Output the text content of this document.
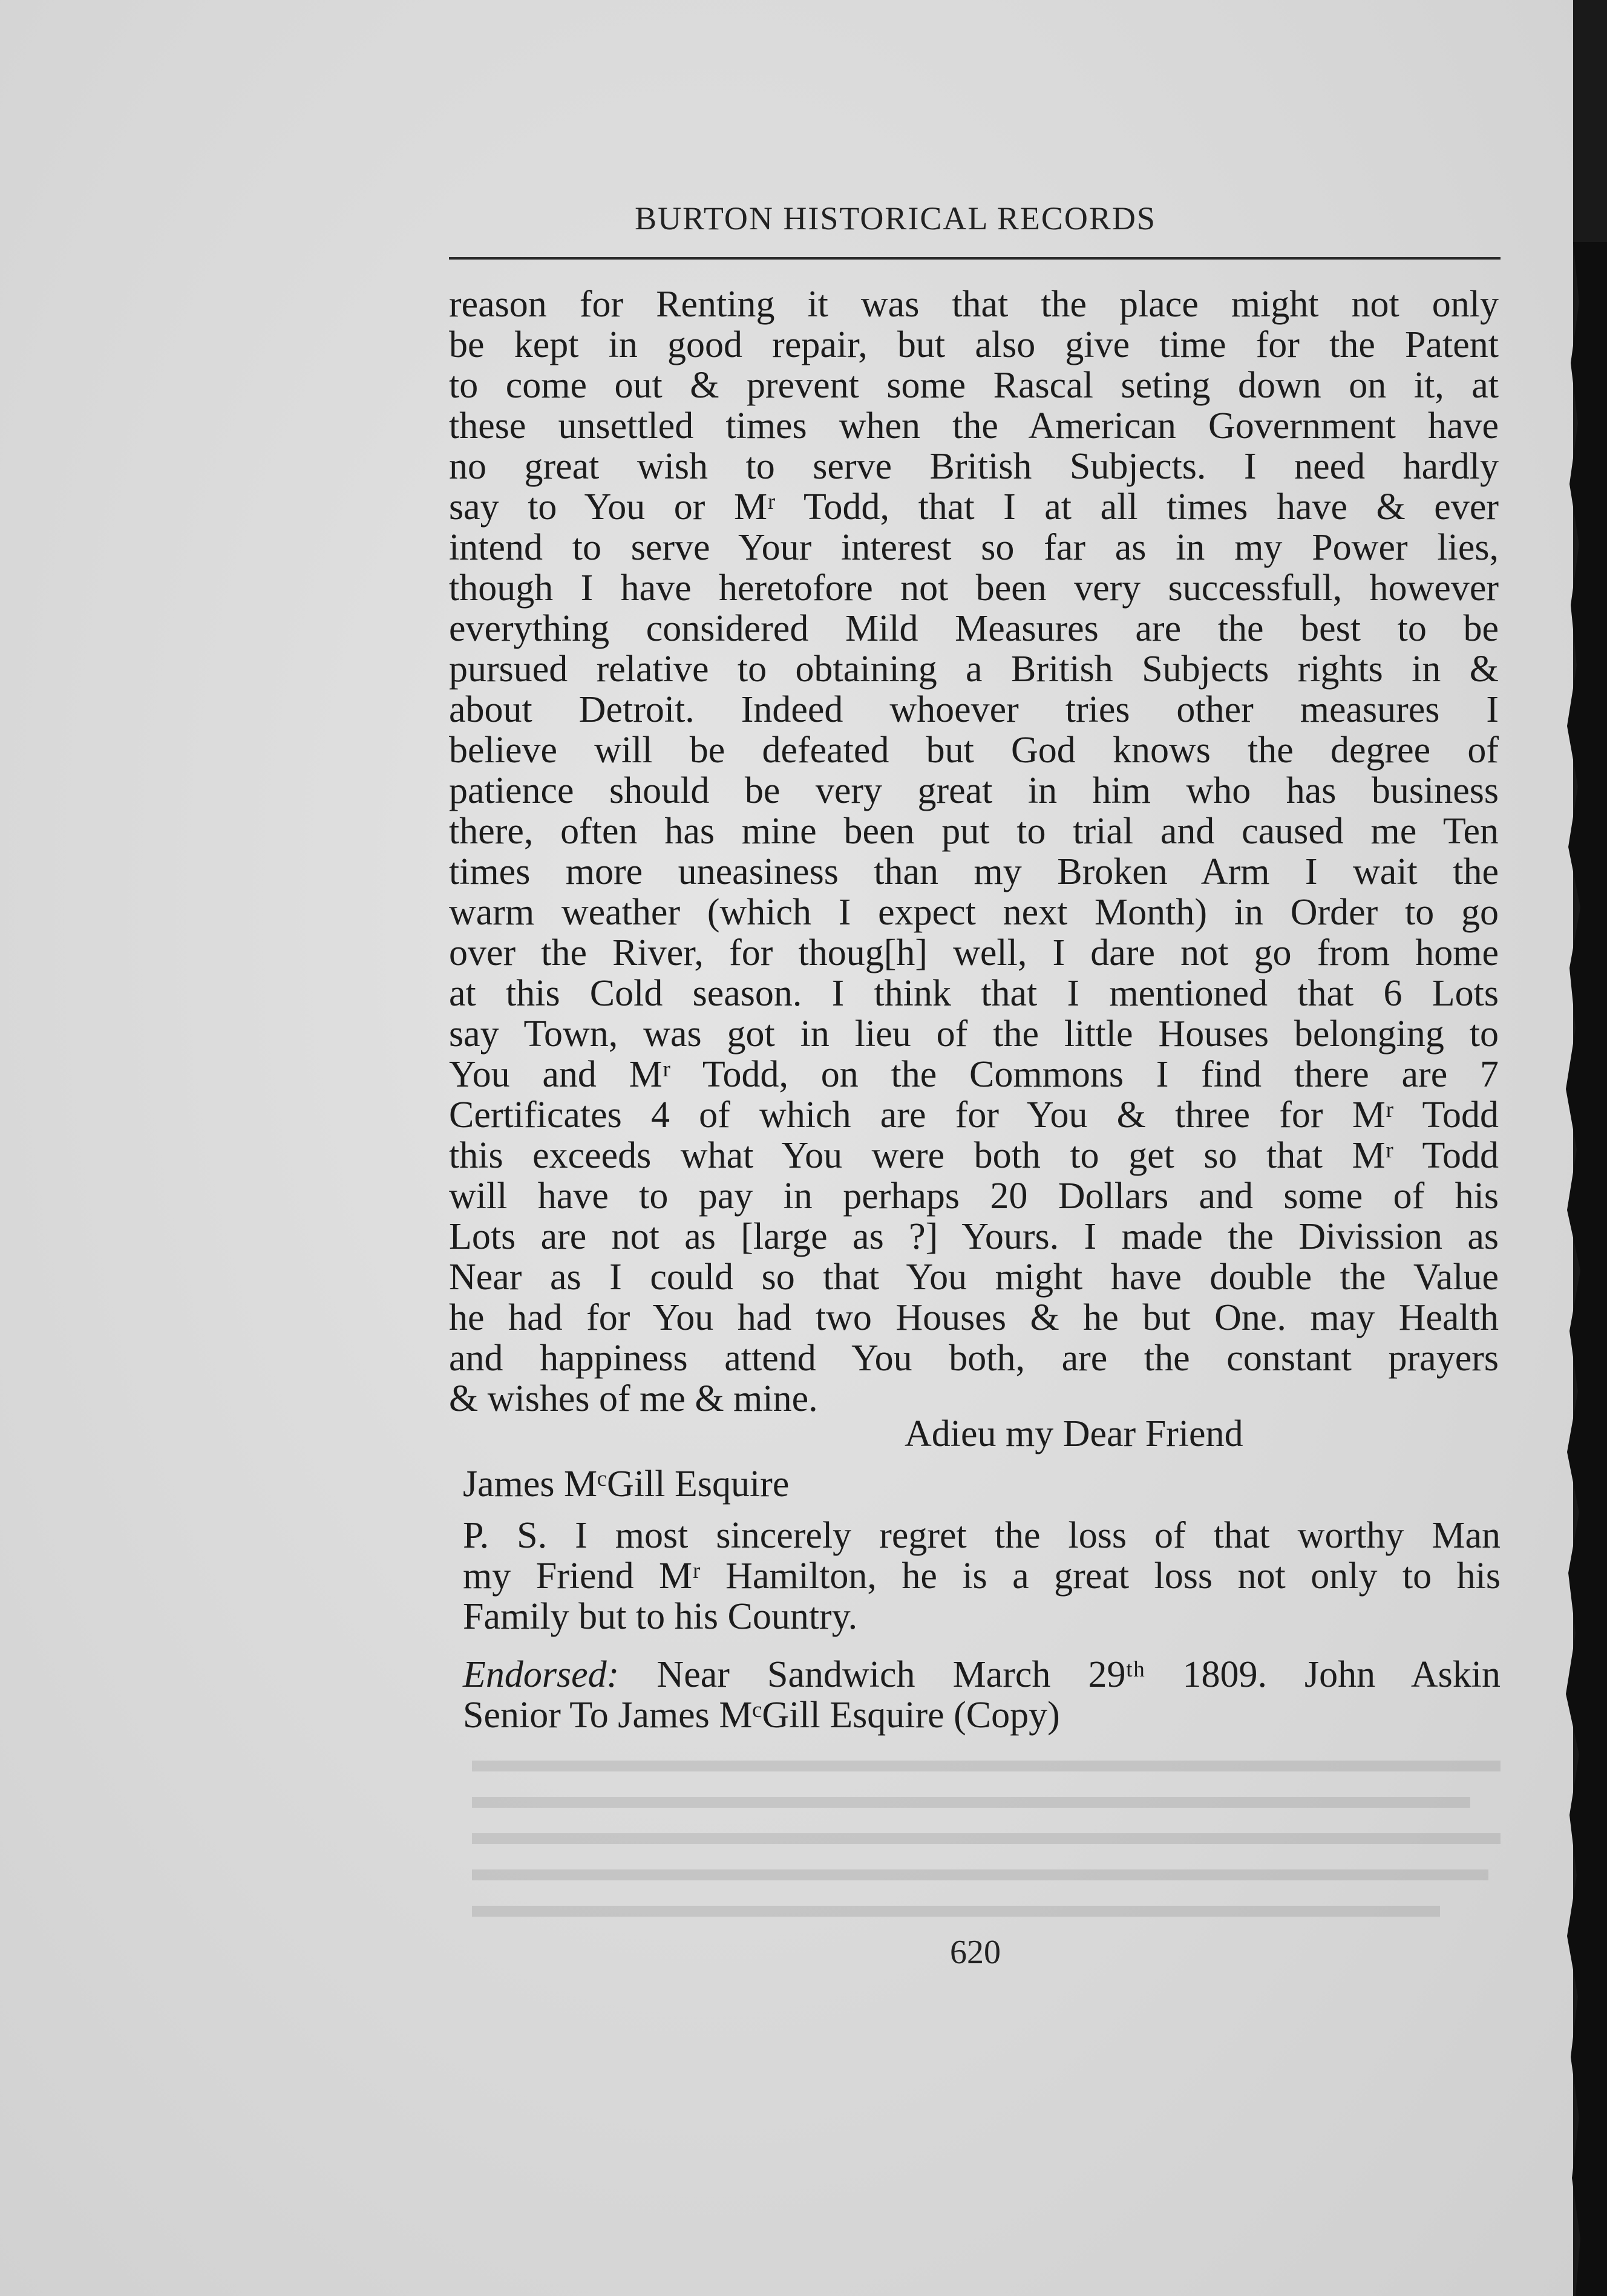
BURTON HISTORICAL RECORDS
reason for Renting it was that the place might not only
be kept in good repair, but also give time for the Patent
to come out & prevent some Rascal seting down on it, at
these unsettled times when the American Government have
no great wish to serve British Subjects. I need hardly
say to You or Mʳ Todd, that I at all times have & ever
intend to serve Your interest so far as in my Power lies,
though I have heretofore not been very successfull, however
everything considered Mild Measures are the best to be
pursued relative to obtaining a British Subjects rights in &
about Detroit. Indeed whoever tries other measures I
believe will be defeated but God knows the degree of
patience should be very great in him who has business
there, often has mine been put to trial and caused me Ten
times more uneasiness than my Broken Arm I wait the
warm weather (which I expect next Month) in Order to go
over the River, for thoug[h] well, I dare not go from home
at this Cold season. I think that I mentioned that 6 Lots
say Town, was got in lieu of the little Houses belonging to
You and Mʳ Todd, on the Commons I find there are 7
Certificates 4 of which are for You & three for Mʳ Todd
this exceeds what You were both to get so that Mʳ Todd
will have to pay in perhaps 20 Dollars and some of his
Lots are not as [large as ?] Yours. I made the Divission as
Near as I could so that You might have double the Value
he had for You had two Houses & he but One. may Health
and happiness attend You both, are the constant prayers
& wishes of me & mine.
Adieu my Dear Friend
James MᶜGill Esquire
P. S. I most sincerely regret the loss of that worthy Man
my Friend Mʳ Hamilton, he is a great loss not only to his
Family but to his Country.
Endorsed: Near Sandwich March 29ᵗʰ 1809. John Askin
Senior To James MᶜGill Esquire (Copy)
620
